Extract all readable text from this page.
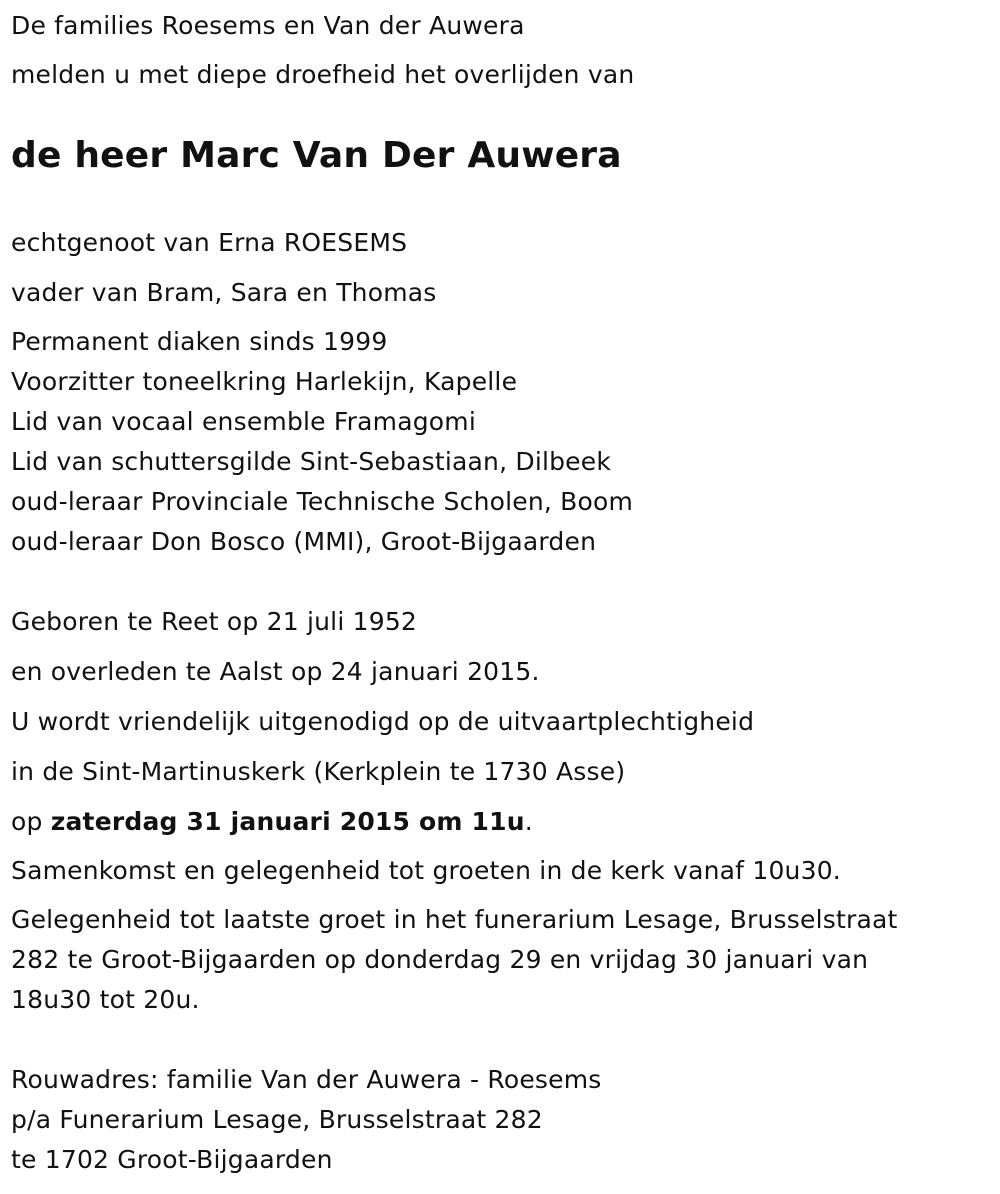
De families Roesems en Van der Auwera
melden u met diepe droefheid het overlijden van
de heer Marc Van Der Auwera
echtgenoot van Erna ROESEMS
vader van Bram, Sara en Thomas
Permanent diaken sinds 1999
Voorzitter toneelkring Harlekijn, Kapelle
Lid van vocaal ensemble Framagomi
Lid van schuttersgilde Sint-Sebastiaan, Dilbeek
oud-leraar Provinciale Technische Scholen, Boom
oud-leraar Don Bosco (MMI), Groot-Bijgaarden
Geboren te Reet op 21 juli 1952
en overleden te Aalst op 24 januari 2015.
U wordt vriendelijk uitgenodigd op de uitvaartplechtigheid
in de Sint-Martinuskerk (Kerkplein te 1730 Asse)
op zaterdag 31 januari 2015 om 11u.
Samenkomst en gelegenheid tot groeten in de kerk vanaf 10u30.
Gelegenheid tot laatste groet in het funerarium Lesage, Brusselstraat
282 te Groot-Bijgaarden op donderdag 29 en vrijdag 30 januari van
18u30 tot 20u.
Rouwadres: familie Van der Auwera - Roesems
p/a Funerarium Lesage, Brusselstraat 282
te 1702 Groot-Bijgaarden
